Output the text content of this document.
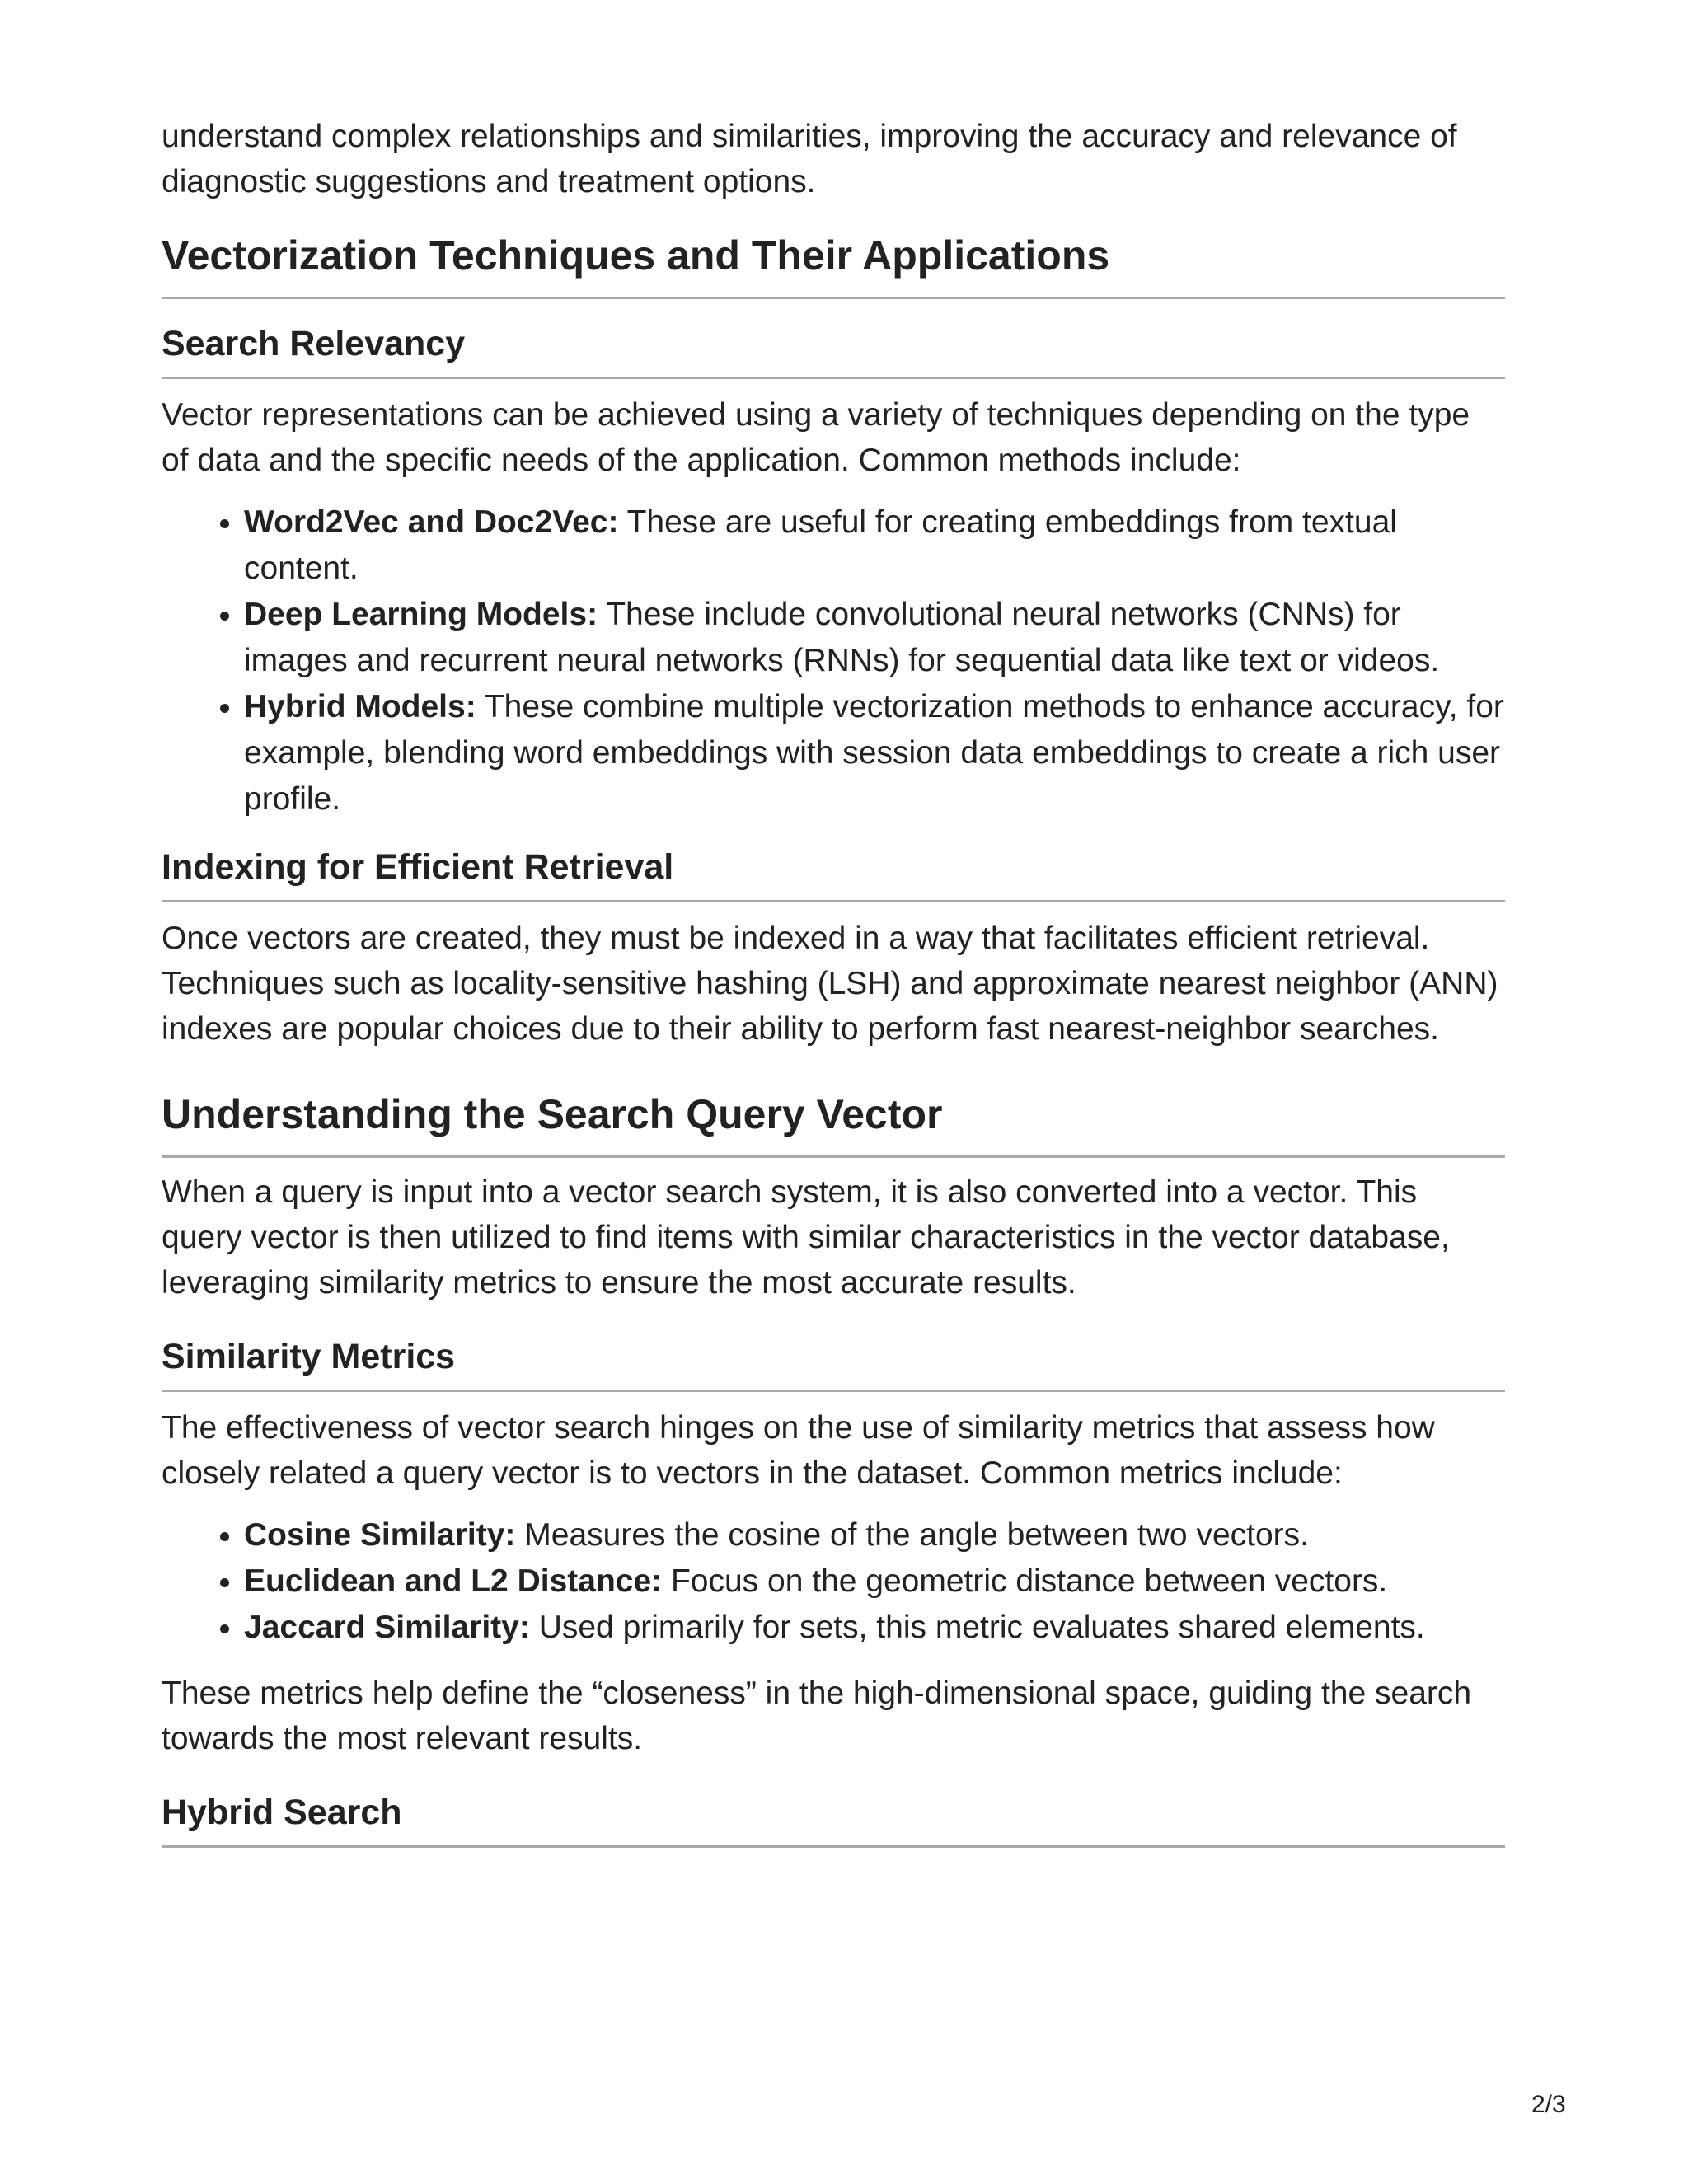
understand complex relationships and similarities, improving the accuracy and relevance of diagnostic suggestions and treatment options.

Vectorization Techniques and Their Applications
Search Relevancy

Vector representations can be achieved using a variety of techniques depending on the type of data and the specific needs of the application. Common methods include:

• Word2Vec and Doc2Vec: These are useful for creating embeddings from textual content.
• Deep Learning Models: These include convolutional neural networks (CNNs) for images and recurrent neural networks (RNNs) for sequential data like text or videos.
• Hybrid Models: These combine multiple vectorization methods to enhance accuracy, for example, blending word embeddings with session data embeddings to create a rich user profile.
Indexing for Efficient Retrieval

Once vectors are created, they must be indexed in a way that facilitates efficient retrieval. Techniques such as locality-sensitive hashing (LSH) and approximate nearest neighbor (ANN) indexes are popular choices due to their ability to perform fast nearest-neighbor searches.

Understanding the Search Query Vector

When a query is input into a vector search system, it is also converted into a vector. This query vector is then utilized to find items with similar characteristics in the vector database, leveraging similarity metrics to ensure the most accurate results.

Similarity Metrics

The effectiveness of vector search hinges on the use of similarity metrics that assess how closely related a query vector is to vectors in the dataset. Common metrics include:

• Cosine Similarity: Measures the cosine of the angle between two vectors.
• Euclidean and L2 Distance: Focus on the geometric distance between vectors.
• Jaccard Similarity: Used primarily for sets, this metric evaluates shared elements.

These metrics help define the “closeness” in the high-dimensional space, guiding the search towards the most relevant results.

Hybrid Search
2/3
